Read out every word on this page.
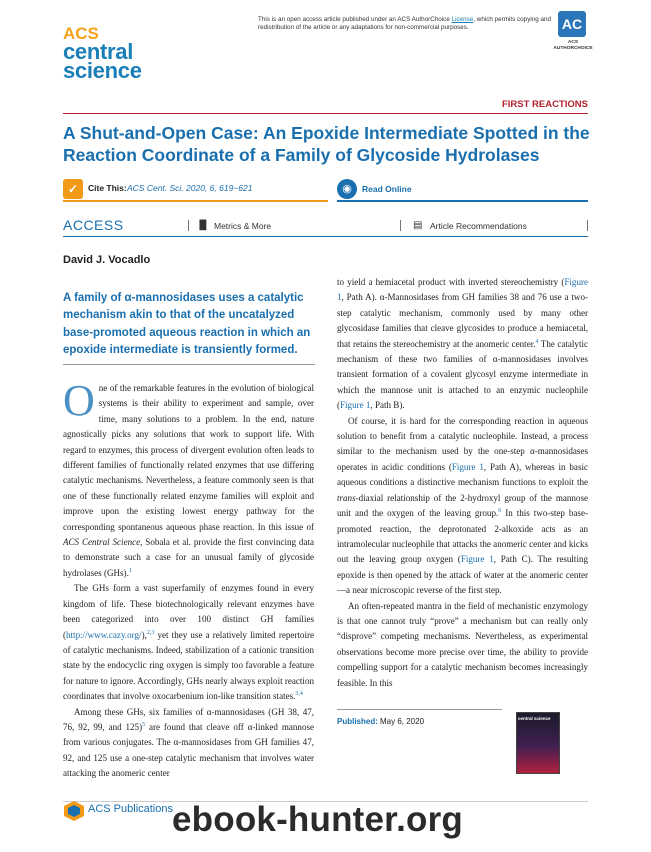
ACS
central
science
This is an open access article published under an ACS AuthorChoice License, which permits copying and redistribution of the article or any adaptations for non-commercial purposes.	AC
ACS AUTHORCHOICE
FIRST REACTIONS
A Shut-and-Open Case: An Epoxide Intermediate Spotted in the Reaction Coordinate of a Family of Glycoside Hydrolases
✓	Cite This: ACS Cent. Sci. 2020, 6, 619−621	◉	Read Online
ACCESS	▐▌ Metrics & More	▤ Article Recommendations
David J. Vocadlo
A family of α-mannosidases uses a catalytic mechanism akin to that of the uncatalyzed base-promoted aqueous reaction in which an epoxide intermediate is transiently formed.

One of the remarkable features in the evolution of biological systems is their ability to experiment and sample, over time, many solutions to a problem. In the end, nature agnostically picks any solutions that work to support life. With regard to enzymes, this process of divergent evolution often leads to different families of functionally related enzymes that use differing catalytic mechanisms. Nevertheless, a feature commonly seen is that one of these functionally related enzyme families will exploit and improve upon the existing lowest energy pathway for the corresponding spontaneous aqueous phase reaction. In this issue of ACS Central Science, Sobala et al. provide the first convincing data to demonstrate such a case for an unusual family of glycoside hydrolases (GHs).$^1$

The GHs form a vast superfamily of enzymes found in every kingdom of life. These biotechnologically relevant enzymes have been categorized into over 100 distinct GH families (http://www.cazy.org/),$^{2,3}$ yet they use a relatively limited repertoire of catalytic mechanisms. Indeed, stabilization of a cationic transition state by the endocyclic ring oxygen is simply too favorable a feature for nature to ignore. Accordingly, GHs nearly always exploit reaction coordinates that involve oxocarbenium ion-like transition states.$^{3,4}$

Among these GHs, six families of α-mannosidases (GH 38, 47, 76, 92, 99, and 125)$^5$ are found that cleave off α-linked mannose from various conjugates. The α-mannosidases from GH families 47, 92, and 125 use a one-step catalytic mechanism that involves water attacking the anomeric center

to yield a hemiacetal product with inverted stereochemistry (Figure 1, Path A). α-Mannosidases from GH families 38 and 76 use a two-step catalytic mechanism, commonly used by many other glycosidase families that cleave glycosides to produce a hemiacetal, that retains the stereochemistry at the anomeric center.$^4$ The catalytic mechanism of these two families of α-mannosidases involves transient formation of a covalent glycosyl enzyme intermediate in which the mannose unit is attached to an enzymic nucleophile (Figure 1, Path B).

Of course, it is hard for the corresponding reaction in aqueous solution to benefit from a catalytic nucleophile. Instead, a process similar to the mechanism used by the one-step α-mannosidases operates in acidic conditions (Figure 1, Path A), whereas in basic aqueous conditions a distinctive mechanism functions to exploit the trans-diaxial relationship of the 2-hydroxyl group of the mannose unit and the oxygen of the leaving group.$^6$ In this two-step base-promoted reaction, the deprotonated 2-alkoxide acts as an intramolecular nucleophile that attacks the anomeric center and kicks out the leaving group oxygen (Figure 1, Path C). The resulting epoxide is then opened by the attack of water at the anomeric center—a near microscopic reverse of the first step.

An often-repeated mantra in the field of mechanistic enzymology is that one cannot truly “prove” a mechanism but can really only “disprove” competing mechanisms. Nevertheless, as experimental observations become more precise over time, the ability to provide compelling support for a catalytic mechanism becomes increasingly feasible. In this

Published: May 6, 2020	central science
ACS Publications ebook-hunter.org
